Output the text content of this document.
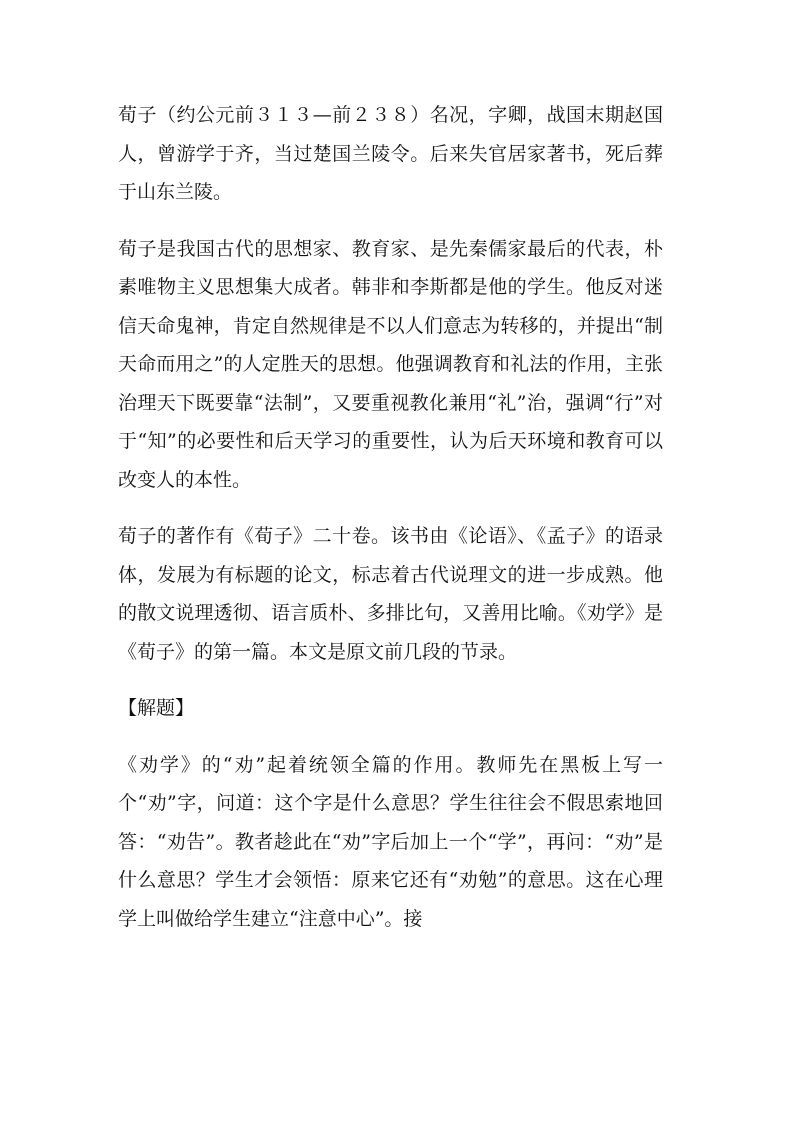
荀子（约公元前３１３—前２３８）名况，字卿，战国末期赵国人，曾游学于齐，当过楚国兰陵令。后来失官居家著书，死后葬于山东兰陵。

荀子是我国古代的思想家、教育家、是先秦儒家最后的代表，朴素唯物主义思想集大成者。韩非和李斯都是他的学生。他反对迷信天命鬼神，肯定自然规律是不以人们意志为转移的，并提出“制天命而用之”的人定胜天的思想。他强调教育和礼法的作用，主张治理天下既要靠“法制”，又要重视教化兼用“礼”治，强调“行”对于“知”的必要性和后天学习的重要性，认为后天环境和教育可以改变人的本性。

荀子的著作有《荀子》二十卷。该书由《论语》、《孟子》的语录体，发展为有标题的论文，标志着古代说理文的进一步成熟。他的散文说理透彻、语言质朴、多排比句，又善用比喻。《劝学》是《荀子》的第一篇。本文是原文前几段的节录。

【解题】

《劝学》的“劝”起着统领全篇的作用。教师先在黑板上写一个“劝”字，问道：这个字是什么意思？学生往往会不假思索地回答：“劝告”。教者趁此在“劝”字后加上一个“学”，再问：“劝”是什么意思？学生才会领悟：原来它还有“劝勉”的意思。这在心理学上叫做给学生建立“注意中心”。接
